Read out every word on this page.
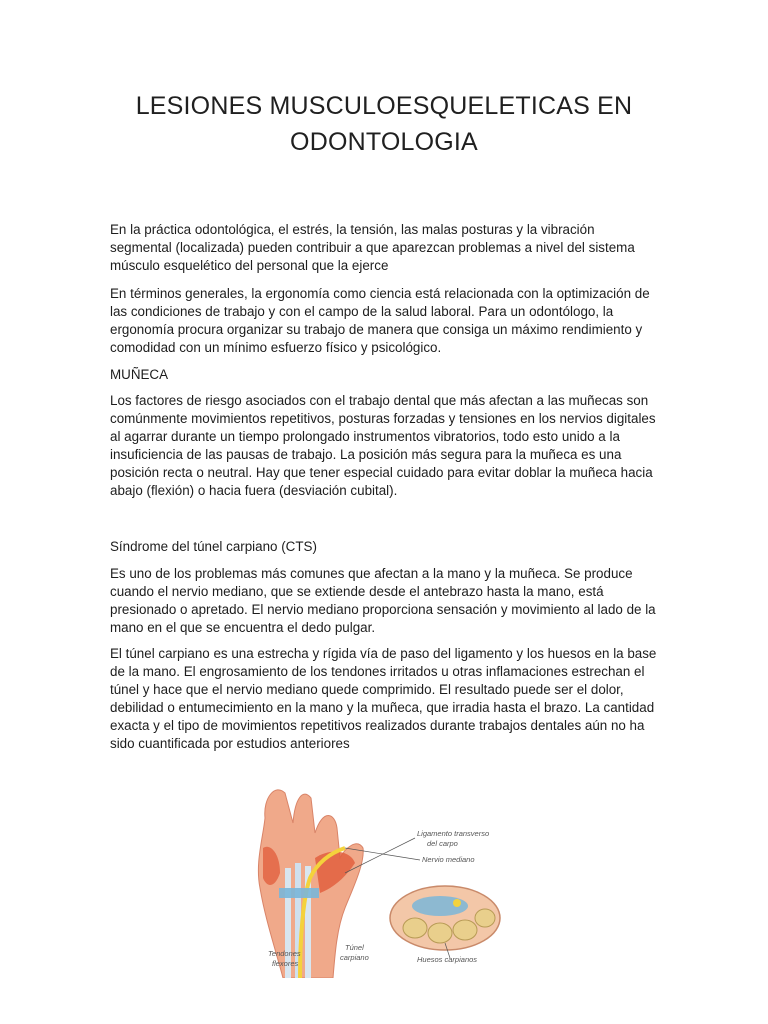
LESIONES MUSCULOESQUELETICAS EN
ODONTOLOGIA

En la práctica odontológica, el estrés, la tensión, las malas posturas y la vibración segmental (localizada) pueden contribuir a que aparezcan problemas a nivel del sistema músculo esquelético del personal que la ejerce

En términos generales, la ergonomía como ciencia está relacionada con la optimización de las condiciones de trabajo y con el campo de la salud laboral. Para un odontólogo, la ergonomía procura organizar su trabajo de manera que consiga un máximo rendimiento y comodidad con un mínimo esfuerzo físico y psicológico.

MUÑECA

Los factores de riesgo asociados con el trabajo dental que más afectan a las muñecas son comúnmente movimientos repetitivos, posturas forzadas y tensiones en los nervios digitales al agarrar durante un tiempo prolongado instrumentos vibratorios, todo esto unido a la insuficiencia de las pausas de trabajo. La posición más segura para la muñeca es una posición recta o neutral. Hay que tener especial cuidado para evitar doblar la muñeca hacia abajo (flexión) o hacia fuera (desviación cubital).

Síndrome del túnel carpiano (CTS)

Es uno de los problemas más comunes que afectan a la mano y la muñeca. Se produce cuando el nervio mediano, que se extiende desde el antebrazo hasta la mano, está presionado o apretado. El nervio mediano proporciona sensación y movimiento al lado de la mano en el que se encuentra el dedo pulgar.

El túnel carpiano es una estrecha y rígida vía de paso del ligamento y los huesos en la base de la mano. El engrosamiento de los tendones irritados u otras inflamaciones estrechan el túnel y hace que el nervio mediano quede comprimido. El resultado puede ser el dolor, debilidad o entumecimiento en la mano y la muñeca, que irradia hasta el brazo. La cantidad exacta y el tipo de movimientos repetitivos realizados durante trabajos dentales aún no ha sido cuantificada por estudios anteriores

Ligamento transverso
del carpo
Nervio mediano
Tendones
flexores
Túnel
carpiano	Huesos carpianos
